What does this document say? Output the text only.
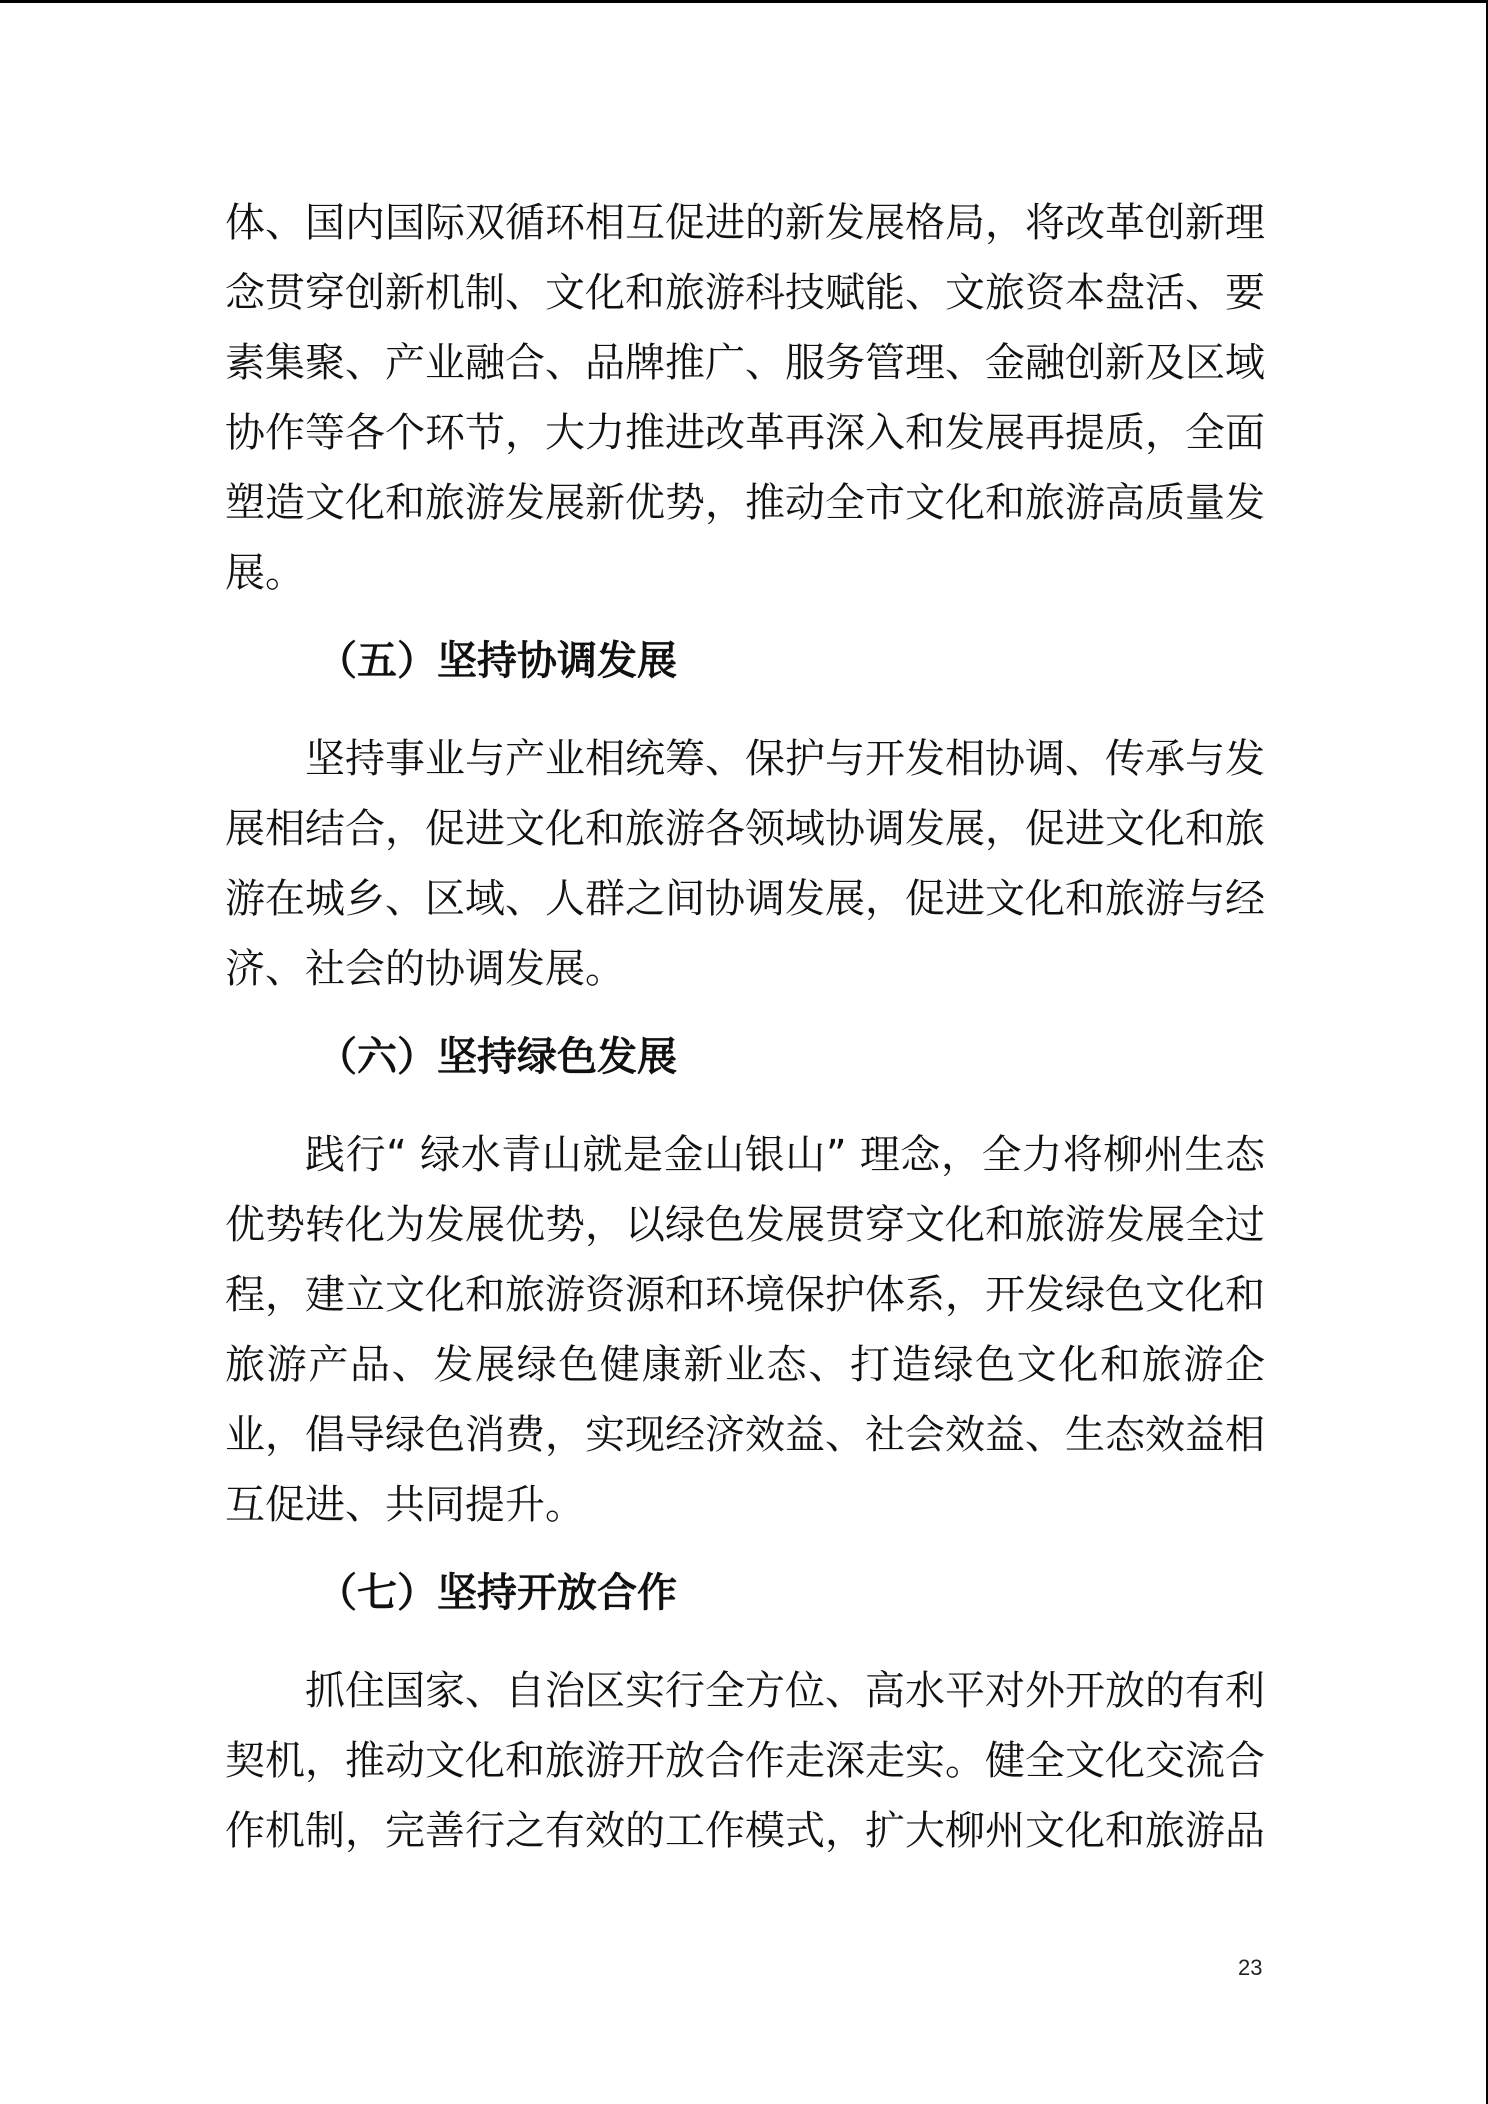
体、国内国际双循环相互促进的新发展格局，将改革创新理念贯穿创新机制、文化和旅游科技赋能、文旅资本盘活、要素集聚、产业融合、品牌推广、服务管理、金融创新及区域协作等各个环节，大力推进改革再深入和发展再提质，全面塑造文化和旅游发展新优势，推动全市文化和旅游高质量发展。

（五）坚持协调发展

坚持事业与产业相统筹、保护与开发相协调、传承与发展相结合，促进文化和旅游各领域协调发展，促进文化和旅游在城乡、区域、人群之间协调发展，促进文化和旅游与经济、社会的协调发展。

（六）坚持绿色发展

践行“ 绿水青山就是金山银山” 理念，全力将柳州生态优势转化为发展优势，以绿色发展贯穿文化和旅游发展全过程，建立文化和旅游资源和环境保护体系，开发绿色文化和旅游产品、发展绿色健康新业态、打造绿色文化和旅游企业，倡导绿色消费，实现经济效益、社会效益、生态效益相互促进、共同提升。

（七）坚持开放合作

抓住国家、自治区实行全方位、高水平对外开放的有利契机，推动文化和旅游开放合作走深走实。健全文化交流合作机制，完善行之有效的工作模式，扩大柳州文化和旅游品

23
